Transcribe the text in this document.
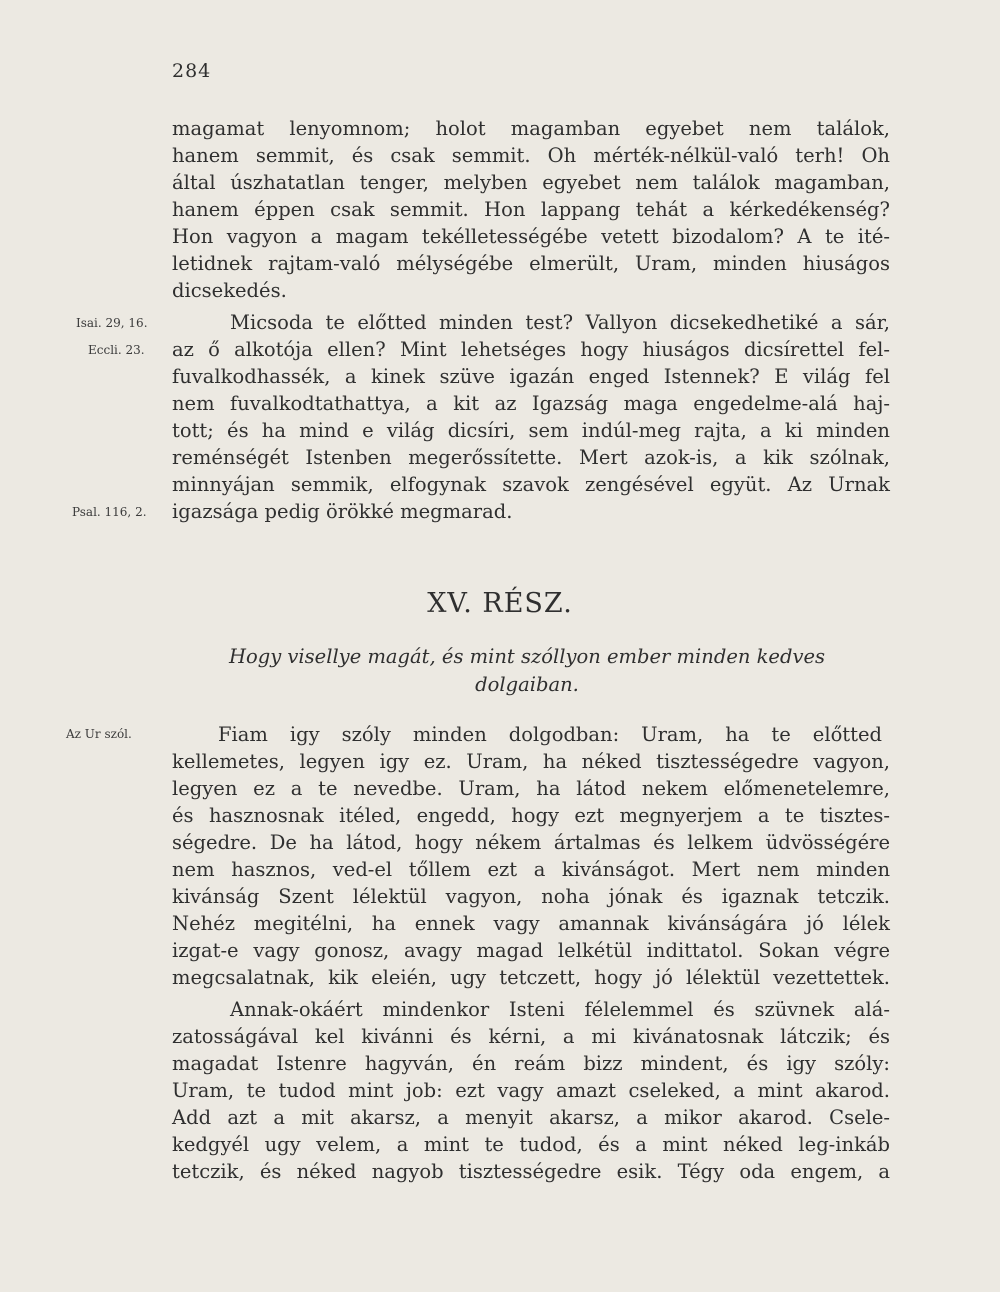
284
Isai. 29, 16.
Eccli. 23.
Psal. 116, 2.
Az Ur szól.
magamat lenyomnom; holot magamban egyebet nem találok,
hanem semmit, és csak semmit. Oh mérték-nélkül-való terh! Oh
által úszhatatlan tenger, melyben egyebet nem találok magamban,
hanem éppen csak semmit. Hon lappang tehát a kérkedékenség?
Hon vagyon a magam tekélletességébe vetett bizodalom? A te ité-
letidnek rajtam-való mélységébe elmerült, Uram, minden hiuságos
dicsekedés.
Micsoda te előtted minden test? Vallyon dicsekedhetiké a sár,
az ő alkotója ellen? Mint lehetséges hogy hiuságos dicsírettel fel-
fuvalkodhassék, a kinek szüve igazán enged Istennek? E világ fel
nem fuvalkodtathattya, a kit az Igazság maga engedelme-alá haj-
tott; és ha mind e világ dicsíri, sem indúl-meg rajta, a ki minden
reménségét Istenben megerőssítette. Mert azok-is, a kik szólnak,
minnyájan semmik, elfogynak szavok zengésével együt. Az Urnak
igazsága pedig örökké megmarad.
XV. RÉSZ.
Hogy visellye magát, és mint szóllyon ember minden kedves
dolgaiban.
Fiam igy szóly minden dolgodban: Uram, ha te előtted
kellemetes, legyen igy ez. Uram, ha néked tisztességedre vagyon,
legyen ez a te nevedbe. Uram, ha látod nekem előmenetelemre,
és hasznosnak itéled, engedd, hogy ezt megnyerjem a te tisztes-
ségedre. De ha látod, hogy nékem ártalmas és lelkem üdvösségére
nem hasznos, ved-el tőllem ezt a kivánságot. Mert nem minden
kivánság Szent lélektül vagyon, noha jónak és igaznak tetczik.
Nehéz megitélni, ha ennek vagy amannak kivánságára jó lélek
izgat-e vagy gonosz, avagy magad lelkétül indittatol. Sokan végre
megcsalatnak, kik eleién, ugy tetczett, hogy jó lélektül vezettettek.
Annak-okáért mindenkor Isteni félelemmel és szüvnek alá-
zatosságával kel kivánni és kérni, a mi kivánatosnak látczik; és
magadat Istenre hagyván, én reám bizz mindent, és igy szóly:
Uram, te tudod mint job: ezt vagy amazt cseleked, a mint akarod.
Add azt a mit akarsz, a menyit akarsz, a mikor akarod. Csele-
kedgyél ugy velem, a mint te tudod, és a mint néked leg-inkáb
tetczik, és néked nagyob tisztességedre esik. Tégy oda engem, a
